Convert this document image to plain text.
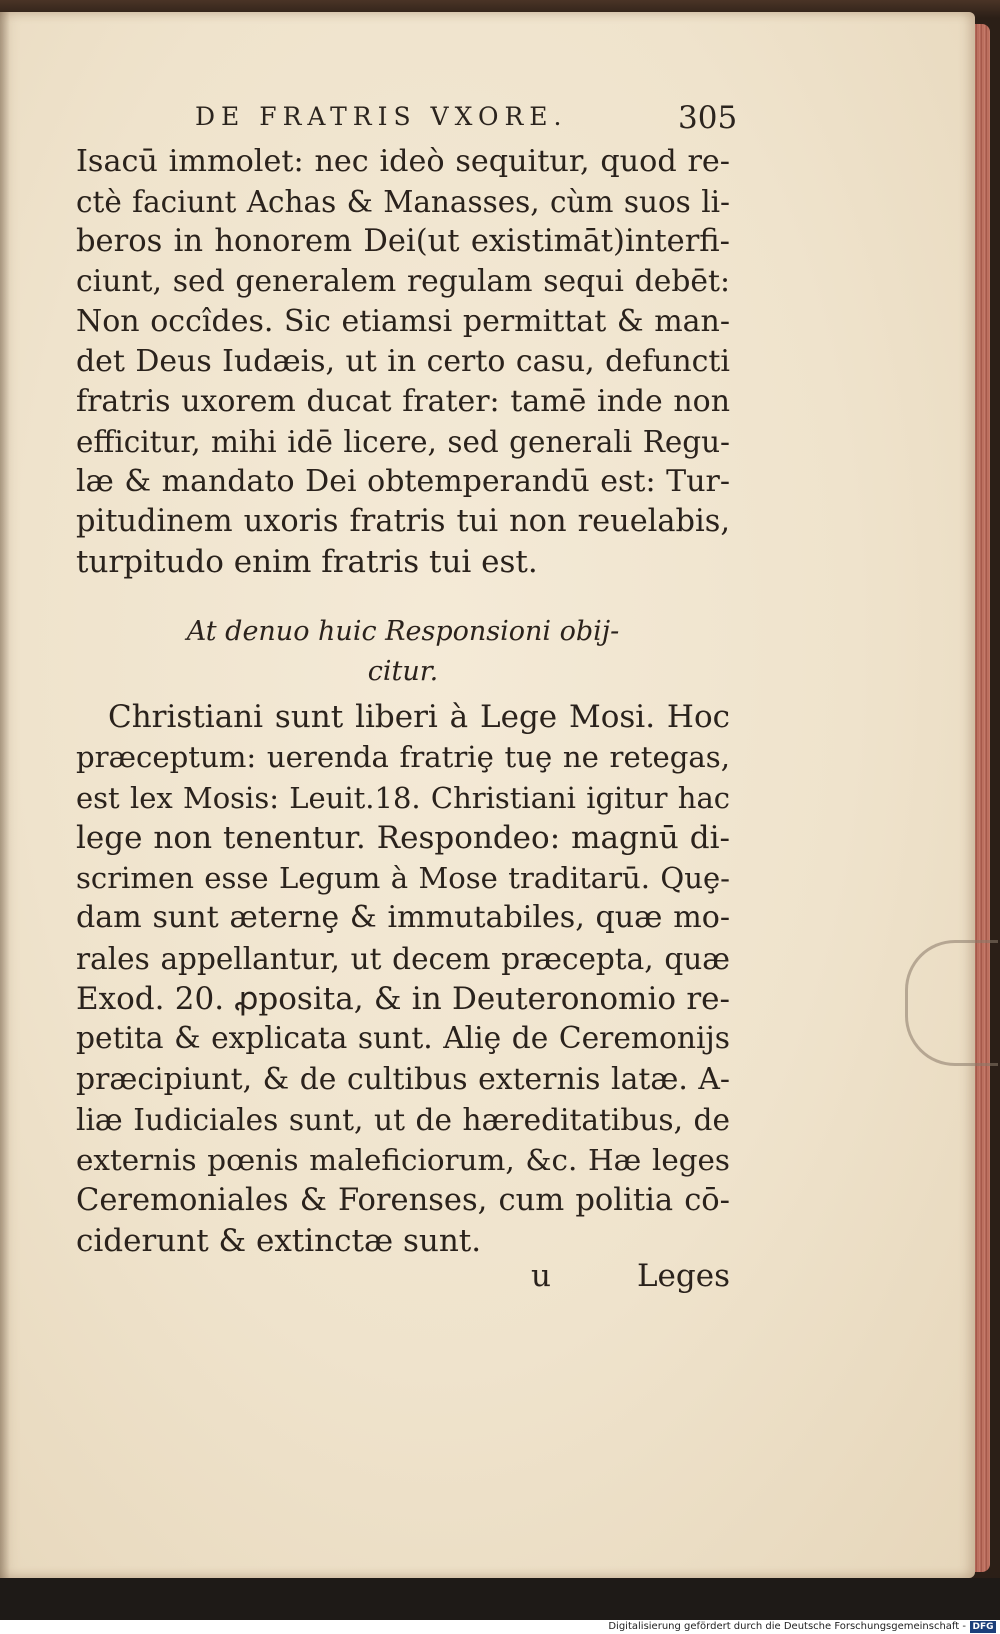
DE FRATRIS VXORE.	305
Isacū immolet: nec ideò sequitur, quod re-
ctè faciunt Achas & Manasses, cùm suos li-
beros in honorem Dei(ut existimāt)interfi-
ciunt, sed generalem regulam sequi debēt:
Non occîdes. Sic etiamsi permittat & man-
det Deus Iudæis, ut in certo casu, defuncti
fratris uxorem ducat frater: tamē inde non
efficitur, mihi idē licere, sed generali Regu-
læ & mandato Dei obtemperandū est: Tur-
pitudinem uxoris fratris tui non reuelabis,
turpitudo enim fratris tui est.
At denuo huic Responsioni obij-
citur.
Christiani sunt liberi à Lege Mosi. Hoc
præceptum: uerenda fratriȩ tuȩ ne retegas,
est lex Mosis: Leuit.18. Christiani igitur hac
lege non tenentur. Respondeo: magnū di-
scrimen esse Legum à Mose traditarū. Quȩ-
dam sunt æternȩ & immutabiles, quæ mo-
rales appellantur, ut decem præcepta, quæ
Exod. 20. ꝓposita, & in Deuteronomio re-
petita & explicata sunt. Aliȩ de Ceremonijs
præcipiunt, & de cultibus externis latæ. A-
liæ Iudiciales sunt, ut de hæreditatibus, de
externis pœnis maleficiorum, &c. Hæ leges
Ceremoniales & Forenses, cum politia cō-
ciderunt & extinctæ sunt.
u	Leges
Digitalisierung gefördert durch die Deutsche Forschungsgemeinschaft - DFG
